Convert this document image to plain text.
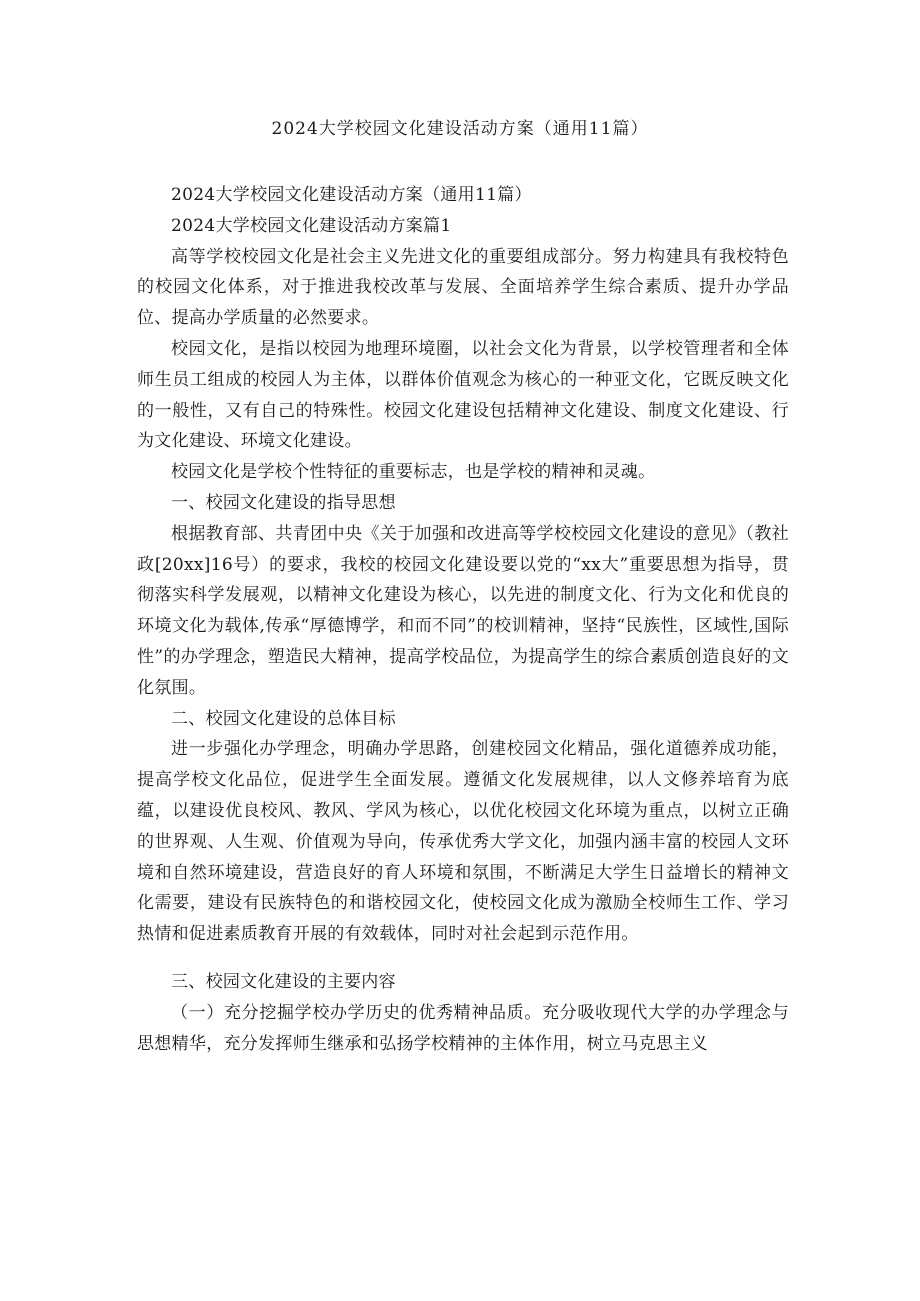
2024大学校园文化建设活动方案（通用11篇）

2024大学校园文化建设活动方案（通用11篇）

2024大学校园文化建设活动方案篇1

高等学校校园文化是社会主义先进文化的重要组成部分。努力构建具有我校特色的校园文化体系，对于推进我校改革与发展、全面培养学生综合素质、提升办学品位、提高办学质量的必然要求。

校园文化，是指以校园为地理环境圈，以社会文化为背景，以学校管理者和全体师生员工组成的校园人为主体，以群体价值观念为核心的一种亚文化，它既反映文化的一般性，又有自己的特殊性。校园文化建设包括精神文化建设、制度文化建设、行为文化建设、环境文化建设。

校园文化是学校个性特征的重要标志，也是学校的精神和灵魂。

一、校园文化建设的指导思想

根据教育部、共青团中央《关于加强和改进高等学校校园文化建设的意见》（教社政[20xx]16号）的要求，我校的校园文化建设要以党的“xx大”重要思想为指导，贯彻落实科学发展观，以精神文化建设为核心，以先进的制度文化、行为文化和优良的环境文化为载体,传承“厚德博学，和而不同”的校训精神，坚持“民族性，区域性,国际性”的办学理念，塑造民大精神，提高学校品位，为提高学生的综合素质创造良好的文化氛围。

二、校园文化建设的总体目标

进一步强化办学理念，明确办学思路，创建校园文化精品，强化道德养成功能，提高学校文化品位，促进学生全面发展。遵循文化发展规律，以人文修养培育为底蕴，以建设优良校风、教风、学风为核心，以优化校园文化环境为重点，以树立正确的世界观、人生观、价值观为导向，传承优秀大学文化，加强内涵丰富的校园人文环境和自然环境建设，营造良好的育人环境和氛围，不断满足大学生日益增长的精神文化需要，建设有民族特色的和谐校园文化，使校园文化成为激励全校师生工作、学习热情和促进素质教育开展的有效载体，同时对社会起到示范作用。

三、校园文化建设的主要内容

（一）充分挖掘学校办学历史的优秀精神品质。充分吸收现代大学的办学理念与思想精华，充分发挥师生继承和弘扬学校精神的主体作用，树立马克思主义
